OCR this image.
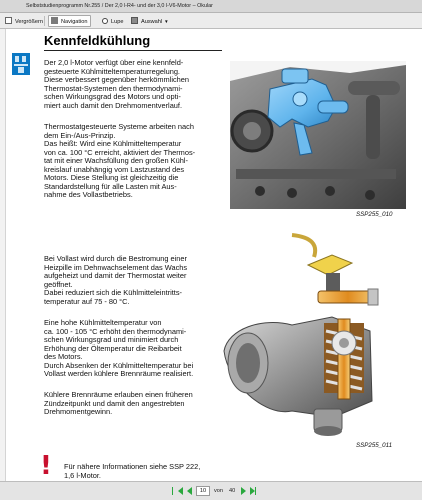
Selbststudienprogramm Nr.255 / Der 2,0 l-R4- und der 3,0 l-V6-Motor – Okular
Vergrößern	Navigation	Lupe	Auswahl ▼
Kennfeldkühlung
Der 2,0 l-Motor verfügt über eine kennfeld-
gesteuerte Kühlmitteltemperaturregelung.
Diese verbessert gegenüber herkömmlichen
Thermostat-Systemen den thermodynami-
schen Wirkungsgrad des Motors und opti-
miert auch damit den Drehmomentverlauf.
Thermostatgesteuerte Systeme arbeiten nach
dem Ein-/Aus-Prinzip.
Das heißt: Wird eine Kühlmitteltemperatur
von ca. 100 °C erreicht, aktiviert der Thermos-
tat mit einer Wachsfüllung den großen Kühl-
kreislauf unabhängig vom Lastzustand des
Motors. Diese Stellung ist gleichzeitig die
Standardstellung für alle Lasten mit Aus-
nahme des Vollastbetriebs.
Bei Vollast wird durch die Bestromung einer
Heizpille im Dehnwachselement das Wachs
aufgeheizt und damit der Thermostat weiter
geöffnet.
Dabei reduziert sich die Kühlmitteleintritts-
temperatur auf 75 - 80 °C.
Eine hohe Kühlmitteltemperatur von
ca. 100 - 105 °C erhöht den thermodynami-
schen Wirkungsgrad und minimiert durch
Erhöhung der Öltemperatur die Reibarbeit
des Motors.
Durch Absenken der Kühlmitteltemperatur bei
Vollast werden kühlere Brennräume realisiert.
Kühlere Brennräume erlauben einen früheren
Zündzeitpunkt und damit den angestrebten
Drehmomentgewinn.
SSP255_010
SSP255_011
! Für nähere Informationen siehe SSP 222,
1,6 l-Motor.
10	von 40
